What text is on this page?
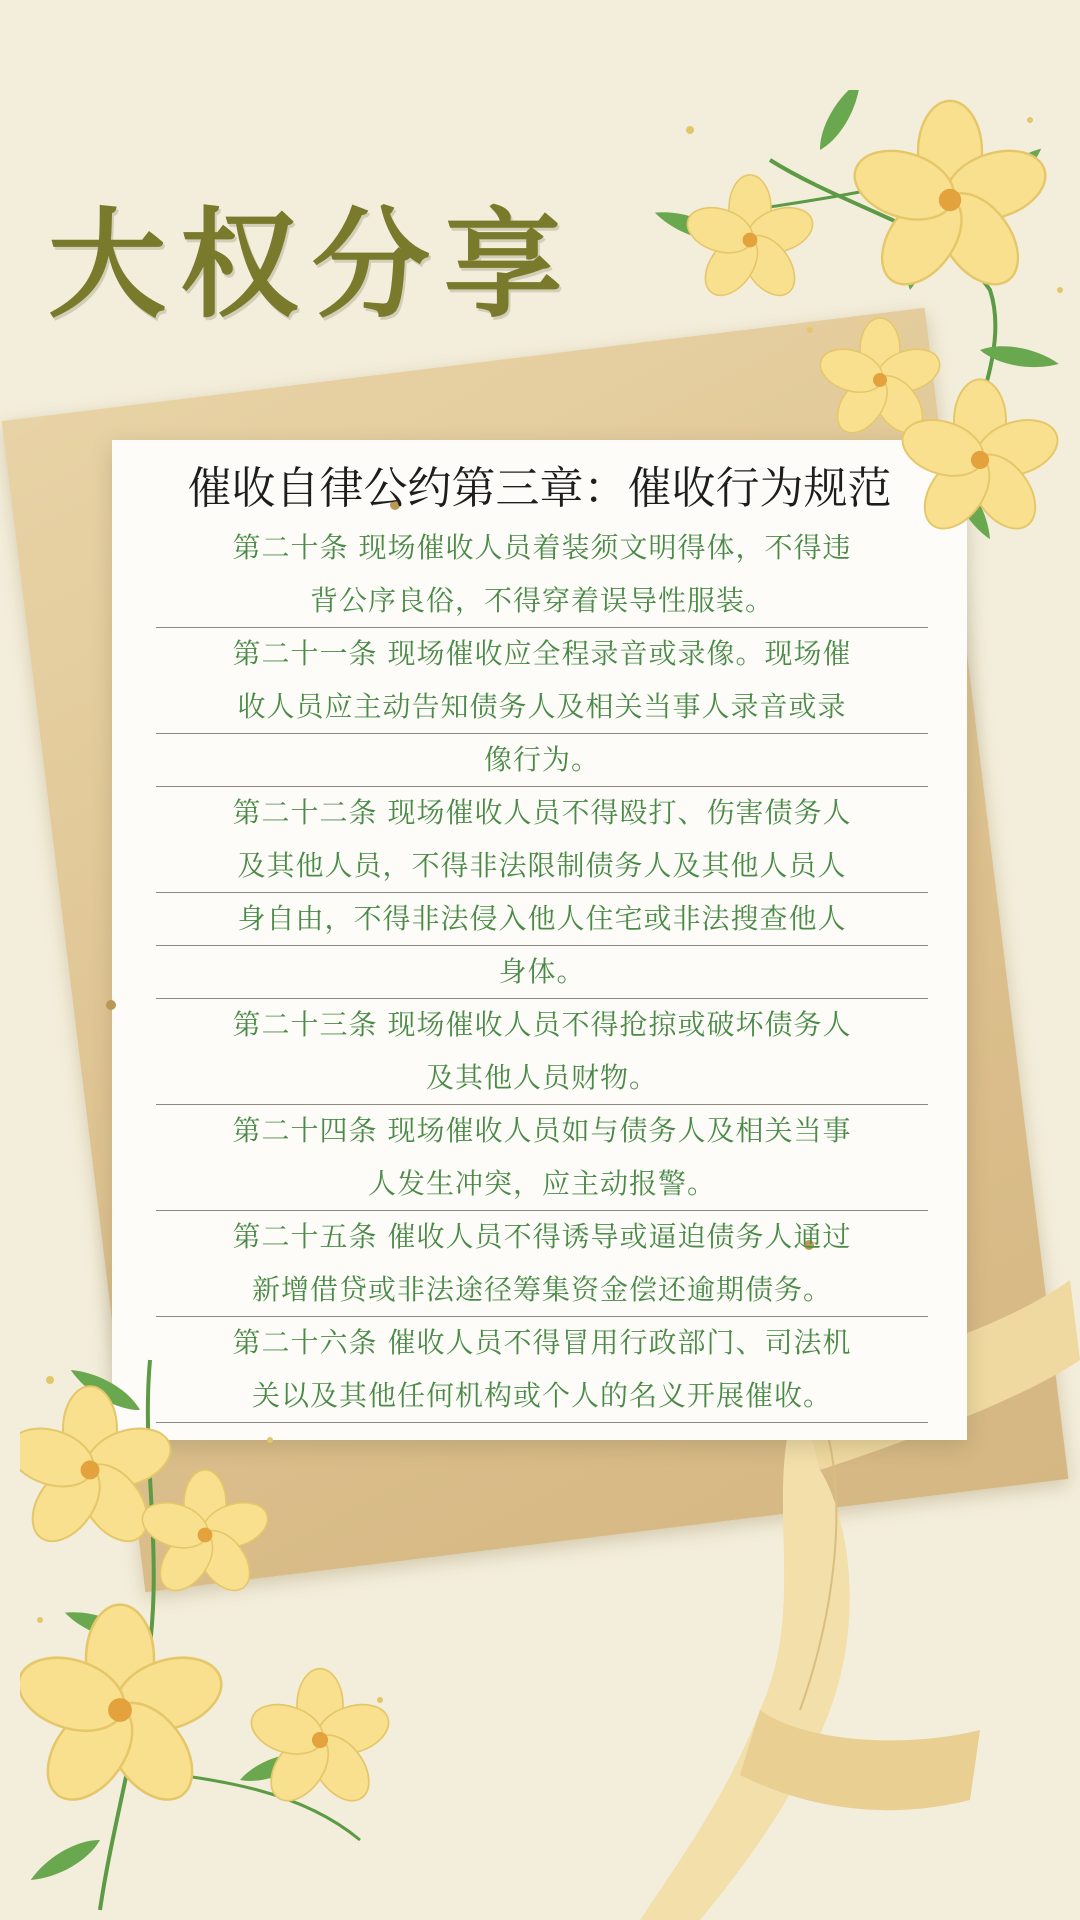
大权分享
催收自律公约第三章：催收行为规范
第二十条 现场催收人员着装须文明得体，不得违
背公序良俗，不得穿着误导性服装。
第二十一条 现场催收应全程录音或录像。现场催
收人员应主动告知债务人及相关当事人录音或录
像行为。
第二十二条 现场催收人员不得殴打、伤害债务人
及其他人员，不得非法限制债务人及其他人员人
身自由，不得非法侵入他人住宅或非法搜查他人
身体。
第二十三条 现场催收人员不得抢掠或破坏债务人
及其他人员财物。
第二十四条 现场催收人员如与债务人及相关当事
人发生冲突，应主动报警。
第二十五条 催收人员不得诱导或逼迫债务人通过
新增借贷或非法途径筹集资金偿还逾期债务。
第二十六条 催收人员不得冒用行政部门、司法机
关以及其他任何机构或个人的名义开展催收。
